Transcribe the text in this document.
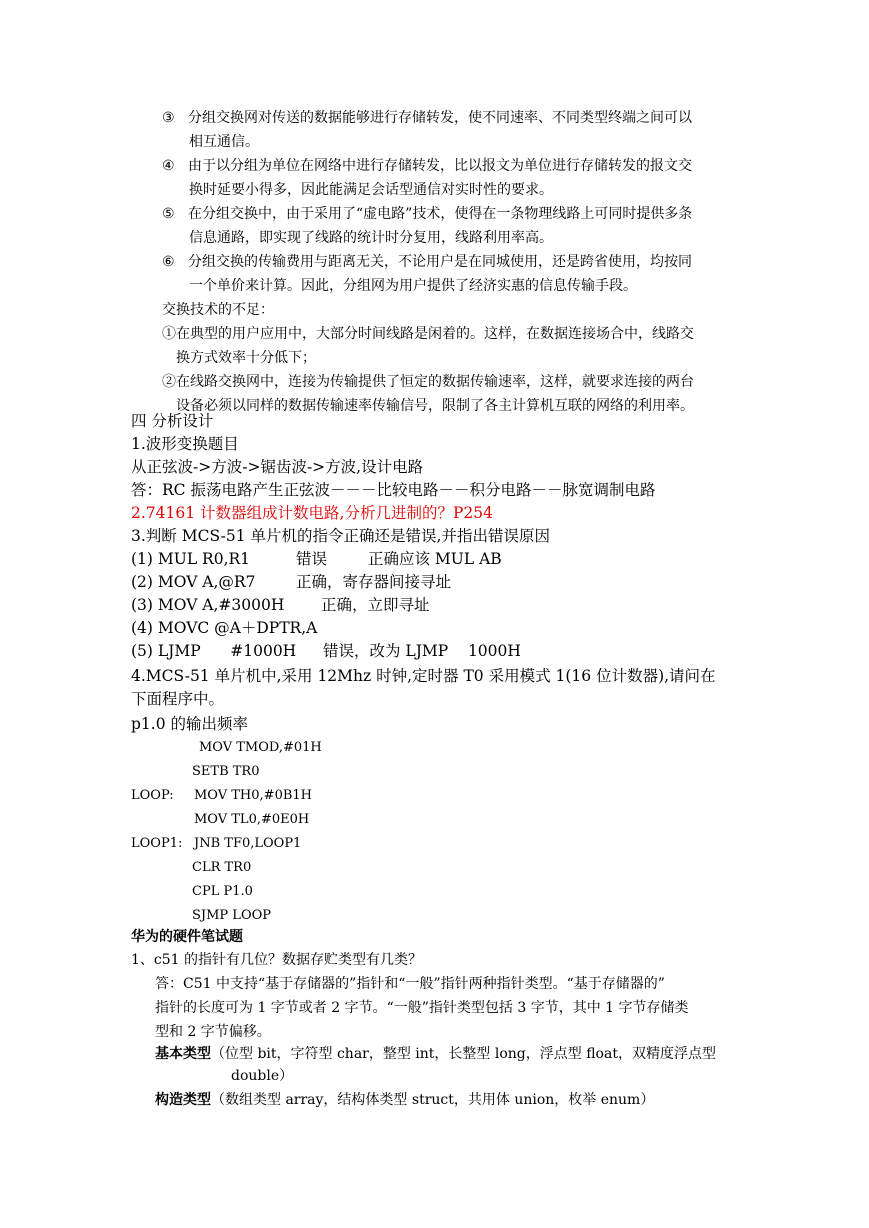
③ 分组交换网对传送的数据能够进行存储转发，使不同速率、不同类型终端之间可以
相互通信。
④ 由于以分组为单位在网络中进行存储转发，比以报文为单位进行存储转发的报文交
换时延要小得多，因此能满足会话型通信对实时性的要求。
⑤ 在分组交换中，由于采用了“虚电路”技术，使得在一条物理线路上可同时提供多条
信息通路，即实现了线路的统计时分复用，线路利用率高。
⑥ 分组交换的传输费用与距离无关，不论用户是在同城使用，还是跨省使用，均按同
一个单价来计算。因此，分组网为用户提供了经济实惠的信息传输手段。
交换技术的不足：
①在典型的用户应用中，大部分时间线路是闲着的。这样，在数据连接场合中，线路交
换方式效率十分低下；
②在线路交换网中，连接为传输提供了恒定的数据传输速率，这样，就要求连接的两台
设备必须以同样的数据传输速率传输信号，限制了各主计算机互联的网络的利用率。
四 分析设计
1.波形变换题目
从正弦波->方波->锯齿波->方波,设计电路
答：RC 振荡电路产生正弦波－－－比较电路－－积分电路－－脉宽调制电路
2.74161 计数器组成计数电路,分析几进制的？P254
3.判断 MCS-51 单片机的指令正确还是错误,并指出错误原因
(1) MUL R0,R1	错误	正确应该 MUL AB
(2) MOV A,@R7	正确，寄存器间接寻址
(3) MOV A,#3000H 正确，立即寻址
(4) MOVC @A＋DPTR,A
(5) LJMP      #1000H 错误，改为 LJMP    1000H
4.MCS-51 单片机中,采用 12Mhz 时钟,定时器 T0 采用模式 1(16 位计数器),请问在
下面程序中。
p1.0 的输出频率
MOV TMOD,#01H
SETB TR0
LOOP: MOV TH0,#0B1H
MOV TL0,#0E0H
LOOP1: JNB TF0,LOOP1
CLR TR0
CPL P1.0
SJMP LOOP
华为的硬件笔试题
1、c51 的指针有几位？数据存贮类型有几类？
答：C51 中支持“基于存储器的”指针和“一般”指针两种指针类型。“基于存储器的”
指针的长度可为 1 字节或者 2 字节。“一般”指针类型包括 3 字节，其中 1 字节存储类
型和 2 字节偏移。
基本类型（位型 bit，字符型 char，整型 int，长整型 long，浮点型 float，双精度浮点型
double）
构造类型（数组类型 array，结构体类型 struct，共用体 union，枚举 enum）
